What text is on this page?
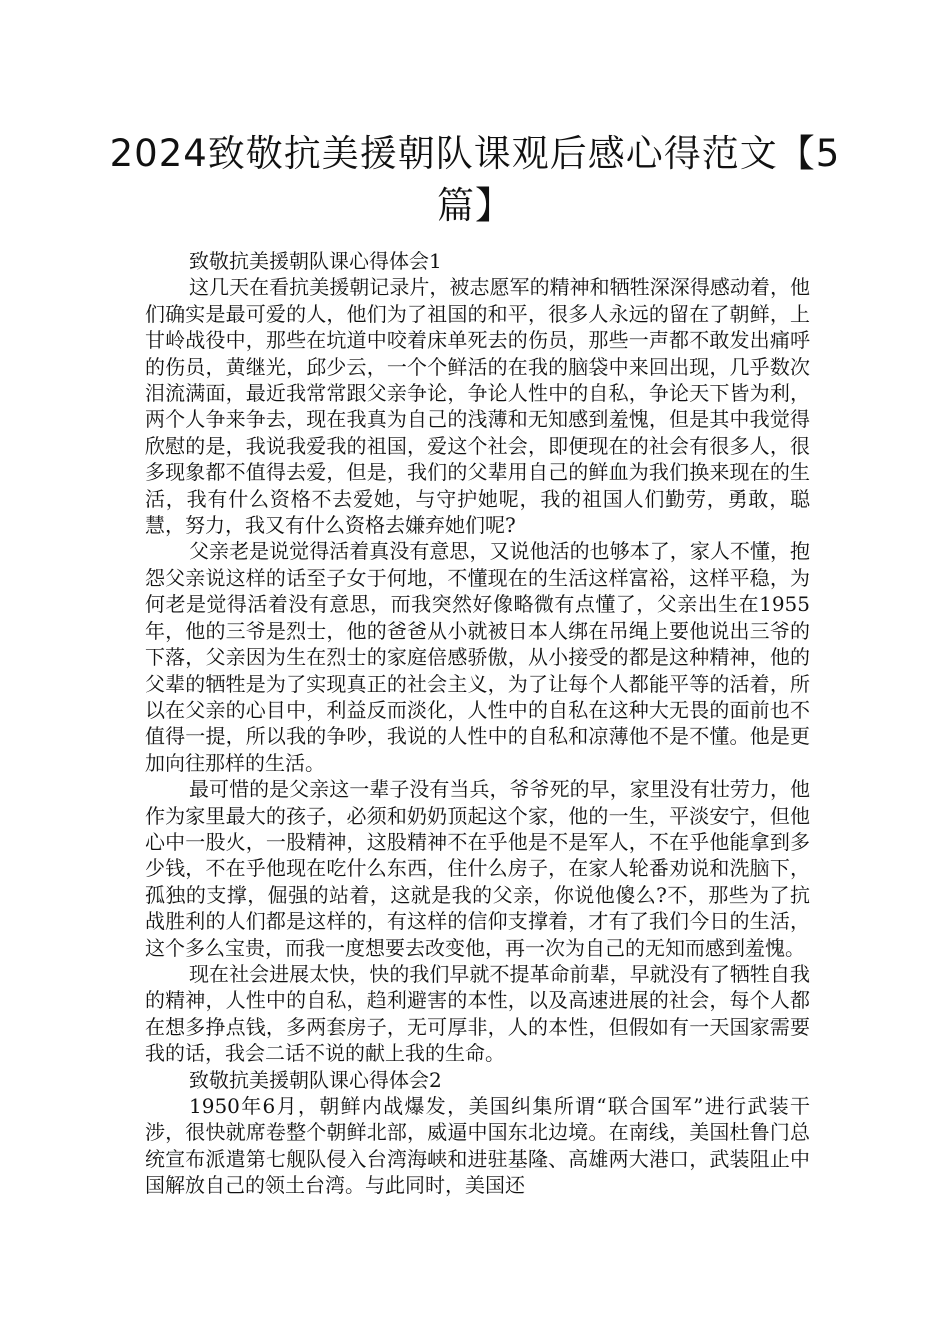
2024致敬抗美援朝队课观后感心得范文【5篇】

致敬抗美援朝队课心得体会1

这几天在看抗美援朝记录片，被志愿军的精神和牺牲深深得感动着，他们确实是最可爱的人，他们为了祖国的和平，很多人永远的留在了朝鲜，上甘岭战役中，那些在坑道中咬着床单死去的伤员，那些一声都不敢发出痛呼的伤员，黄继光，邱少云，一个个鲜活的在我的脑袋中来回出现，几乎数次泪流满面，最近我常常跟父亲争论，争论人性中的自私，争论天下皆为利，两个人争来争去，现在我真为自己的浅薄和无知感到羞愧，但是其中我觉得欣慰的是，我说我爱我的祖国，爱这个社会，即便现在的社会有很多人，很多现象都不值得去爱，但是，我们的父辈用自己的鲜血为我们换来现在的生活，我有什么资格不去爱她，与守护她呢，我的祖国人们勤劳，勇敢，聪慧，努力，我又有什么资格去嫌弃她们呢?

父亲老是说觉得活着真没有意思，又说他活的也够本了，家人不懂，抱怨父亲说这样的话至子女于何地，不懂现在的生活这样富裕，这样平稳，为何老是觉得活着没有意思，而我突然好像略微有点懂了，父亲出生在1955年，他的三爷是烈士，他的爸爸从小就被日本人绑在吊绳上要他说出三爷的下落，父亲因为生在烈士的家庭倍感骄傲，从小接受的都是这种精神，他的父辈的牺牲是为了实现真正的社会主义，为了让每个人都能平等的活着，所以在父亲的心目中，利益反而淡化，人性中的自私在这种大无畏的面前也不值得一提，所以我的争吵，我说的人性中的自私和凉薄他不是不懂。他是更加向往那样的生活。

最可惜的是父亲这一辈子没有当兵，爷爷死的早，家里没有壮劳力，他作为家里最大的孩子，必须和奶奶顶起这个家，他的一生，平淡安宁，但他心中一股火，一股精神，这股精神不在乎他是不是军人，不在乎他能拿到多少钱，不在乎他现在吃什么东西，住什么房子，在家人轮番劝说和洗脑下，孤独的支撑，倔强的站着，这就是我的父亲，你说他傻么?不，那些为了抗战胜利的人们都是这样的，有这样的信仰支撑着，才有了我们今日的生活，这个多么宝贵，而我一度想要去改变他，再一次为自己的无知而感到羞愧。

现在社会进展太快，快的我们早就不提革命前辈，早就没有了牺牲自我的精神，人性中的自私，趋利避害的本性，以及高速进展的社会，每个人都在想多挣点钱，多两套房子，无可厚非，人的本性，但假如有一天国家需要我的话，我会二话不说的献上我的生命。

致敬抗美援朝队课心得体会2

1950年6月，朝鲜内战爆发，美国纠集所谓“联合国军”进行武装干涉，很快就席卷整个朝鲜北部，威逼中国东北边境。在南线，美国杜鲁门总统宣布派遣第七舰队侵入台湾海峡和进驻基隆、高雄两大港口，武装阻止中国解放自己的领土台湾。与此同时，美国还
